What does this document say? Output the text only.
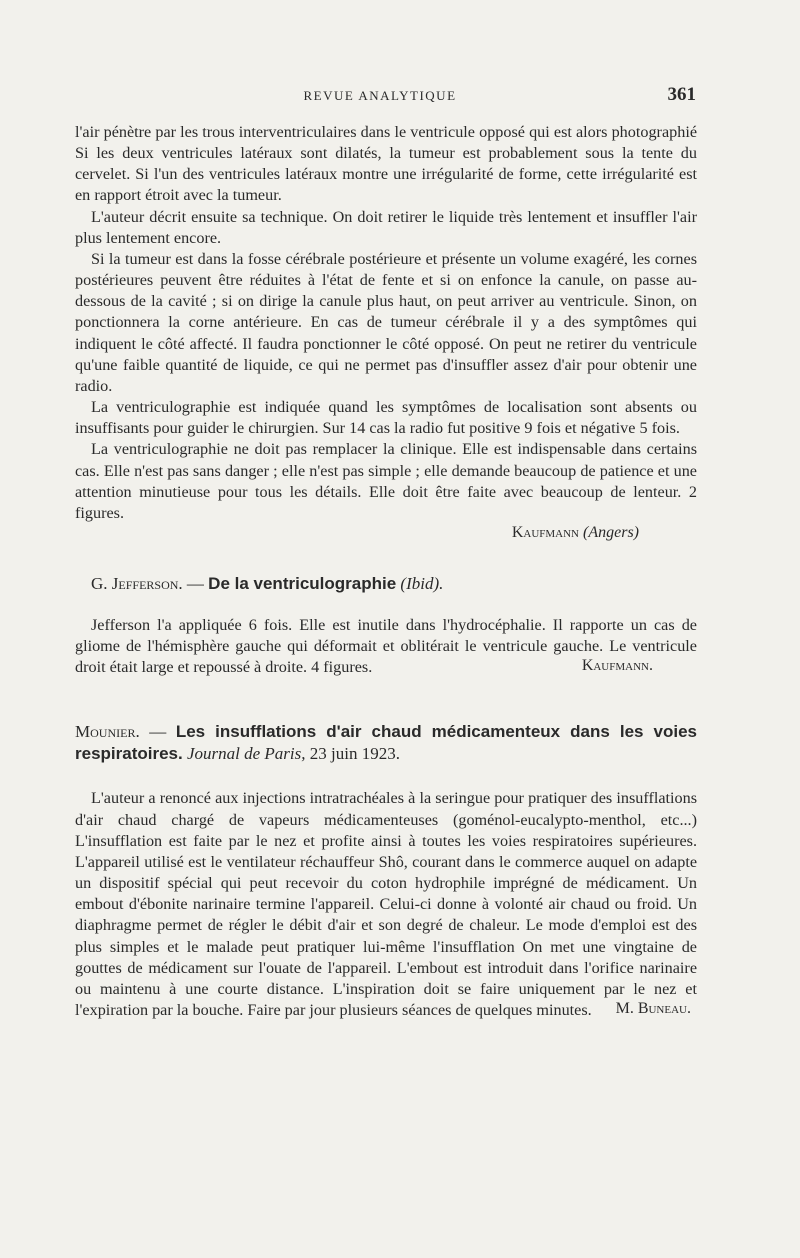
REVUE ANALYTIQUE	361

l'air pénètre par les trous interventriculaires dans le ventricule opposé qui est alors photographié Si les deux ventricules latéraux sont dilatés, la tumeur est probablement sous la tente du cervelet. Si l'un des ventricules latéraux montre une irrégularité de forme, cette irrégularité est en rapport étroit avec la tumeur.

L'auteur décrit ensuite sa technique. On doit retirer le liquide très lentement et insuffler l'air plus lentement encore.

Si la tumeur est dans la fosse cérébrale postérieure et présente un volume exagéré, les cornes postérieures peuvent être réduites à l'état de fente et si on enfonce la canule, on passe au-dessous de la cavité ; si on dirige la canule plus haut, on peut arriver au ventricule. Sinon, on ponctionnera la corne antérieure. En cas de tumeur cérébrale il y a des symptômes qui indiquent le côté affecté. Il faudra ponctionner le côté opposé. On peut ne retirer du ventricule qu'une faible quantité de liquide, ce qui ne permet pas d'insuffler assez d'air pour obtenir une radio.

La ventriculographie est indiquée quand les symptômes de localisation sont absents ou insuffisants pour guider le chirurgien. Sur 14 cas la radio fut positive 9 fois et négative 5 fois.

La ventriculographie ne doit pas remplacer la clinique. Elle est indispensable dans certains cas. Elle n'est pas sans danger ; elle n'est pas simple ; elle demande beaucoup de patience et une attention minutieuse pour tous les détails. Elle doit être faite avec beaucoup de lenteur. 2 figures.

Kaufmann (Angers)
G. Jefferson. — De la ventriculographie (Ibid).

Jefferson l'a appliquée 6 fois. Elle est inutile dans l'hydrocéphalie. Il rapporte un cas de gliome de l'hémisphère gauche qui déformait et oblitérait le ventricule gauche. Le ventricule droit était large et repoussé à droite. 4 figures.	Kaufmann.
Mounier. — Les insufflations d'air chaud médicamenteux dans les voies respiratoires. Journal de Paris, 23 juin 1923.

L'auteur a renoncé aux injections intratrachéales à la seringue pour pratiquer des insufflations d'air chaud chargé de vapeurs médicamenteuses (goménol-eucalypto-menthol, etc...) L'insufflation est faite par le nez et profite ainsi à toutes les voies respiratoires supérieures. L'appareil utilisé est le ventilateur réchauffeur Shô, courant dans le commerce auquel on adapte un dispositif spécial qui peut recevoir du coton hydrophile imprégné de médicament. Un embout d'ébonite narinaire termine l'appareil. Celui-ci donne à volonté air chaud ou froid. Un diaphragme permet de régler le débit d'air et son degré de chaleur. Le mode d'emploi est des plus simples et le malade peut pratiquer lui-même l'insufflation On met une vingtaine de gouttes de médicament sur l'ouate de l'appareil. L'embout est introduit dans l'orifice narinaire ou maintenu à une courte distance. L'inspiration doit se faire uniquement par le nez et l'expiration par la bouche. Faire par jour plusieurs séances de quelques minutes.	M. Buneau.
